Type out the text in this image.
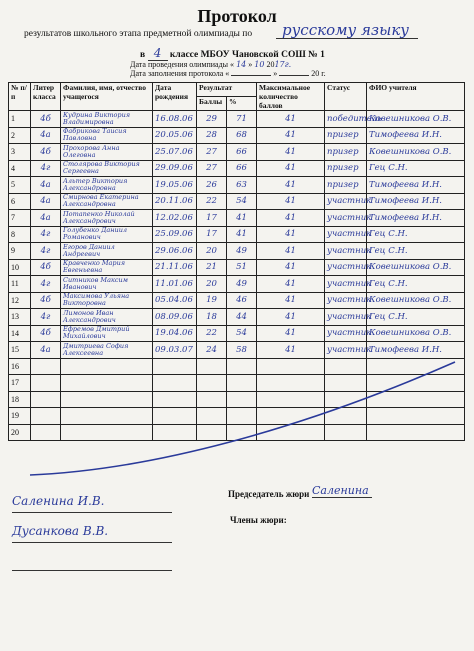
Протокол
результатов школьного этапа предметной олимпиады по	русскому языку
в 4 классе МБОУ Чановской СОШ № 1
Дата проведения олимпиады « 14 » 10 2017г.
Дата заполнения протокола «	»	20 г.
№ п/п	Литер класса	Фамилия, имя, отчество учащегося	Дата рождения	Результат		Максимальное количество баллов	Статус	ФИО учителя
				Баллы	%			
1	4б	Кудрина Виктория Владимировна	16.08.06	29	71	41	победитель	Ковешникова О.В.
2	4а	Фабрикова Таисия Павловна	20.05.06	28	68	41	призер	Тимофеева И.Н.
3	4б	Прохорова Анна Олеговна	25.07.06	27	66	41	призер	Ковешникова О.В.
4	4г	Столярова Виктория Сергеевна	29.09.06	27	66	41	призер	Гец С.Н.
5	4а	Альтер Виктория Александровна	19.05.06	26	63	41	призер	Тимофеева И.Н.
6	4а	Смирнова Екатерина Александровна	20.11.06	22	54	41	участник	Тимофеева И.Н.
7	4а	Потапенко Николай Александрович	12.02.06	17	41	41	участник	Тимофеева И.Н.
8	4г	Голубенко Даниил Романович	25.09.06	17	41	41	участник	Гец С.Н.
9	4г	Егоров Даниил Андреевич	29.06.06	20	49	41	участник	Гец С.Н.
10	4б	Кравченко Мария Евгеньевна	21.11.06	21	51	41	участник	Ковешникова О.В.
11	4г	Ситников Максим Иванович	11.01.06	20	49	41	участник	Гец С.Н.
12	4б	Максимова Ульяна Викторовна	05.04.06	19	46	41	участник	Ковешникова О.В.
13	4г	Лимонов Иван Александрович	08.09.06	18	44	41	участник	Гец С.Н.
14	4б	Ефремов Дмитрий Михайлович	19.04.06	22	54	41	участник	Ковешникова О.В.
15	4а	Дмитриева София Алексеевна	09.03.07	24	58	41	участник	Тимофеева И.Н.
16								
17								
18								
19								
20								
Председатель жюри Саленина
Члены жюри:
Саленина И.В.
Дусанкова В.В.
